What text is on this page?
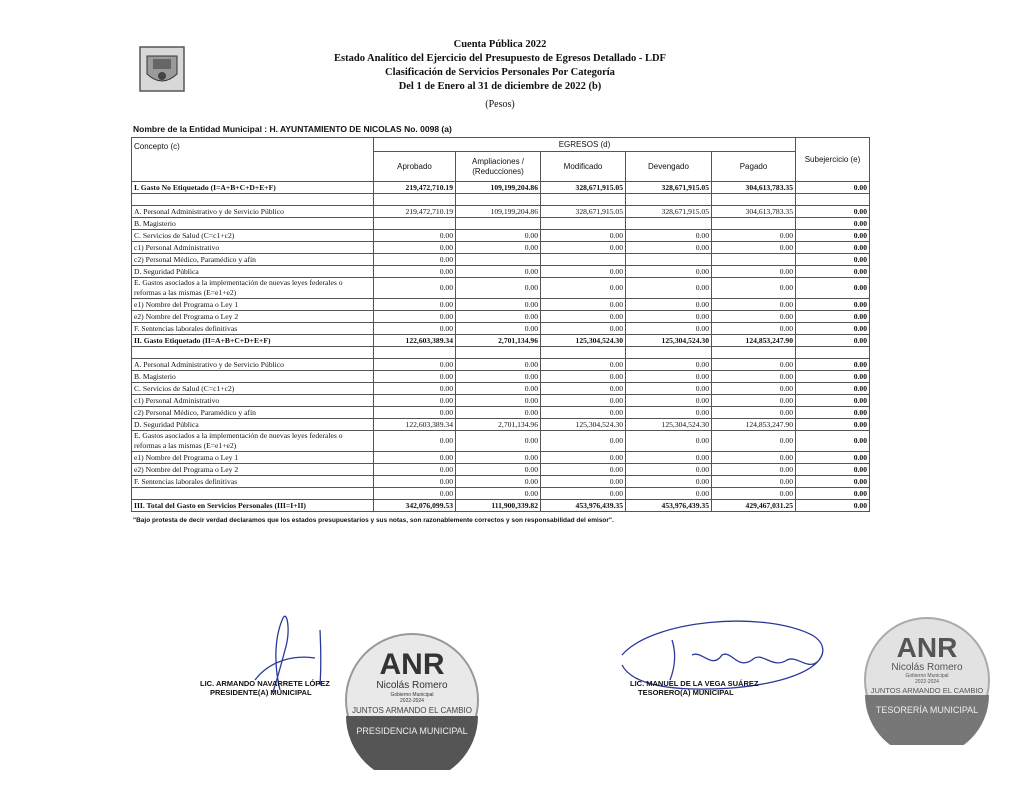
Cuenta Pública 2022
Estado Analítico del Ejercicio del Presupuesto de Egresos Detallado - LDF
Clasificación de Servicios Personales Por Categoría
Del 1 de Enero al 31 de diciembre de 2022 (b)
(Pesos)
Nombre de la Entidad Municipal : H. AYUNTAMIENTO DE NICOLAS No. 0098 (a)
Concepto (c)	EGRESOS (d)					Subejercicio (e)
	Aprobado	Ampliaciones / (Reducciones)	Modificado	Devengado	Pagado	
I. Gasto No Etiquetado (I=A+B+C+D+E+F)	219,472,710.19	109,199,204.86	328,671,915.05	328,671,915.05	304,613,783.35	0.00

A. Personal Administrativo y de Servicio Público	219,472,710.19	109,199,204.86	328,671,915.05	328,671,915.05	304,613,783.35	0.00
B. Magisterio						0.00
C. Servicios de Salud (C=c1+c2)	0.00	0.00	0.00	0.00	0.00	0.00
c1) Personal Administrativo	0.00	0.00	0.00	0.00	0.00	0.00
c2) Personal Médico, Paramédico y afín	0.00					0.00
D. Seguridad Pública	0.00	0.00	0.00	0.00	0.00	0.00
E. Gastos asociados a la implementación de nuevas leyes federales o reformas a las mismas (E=e1+e2)	0.00	0.00	0.00	0.00	0.00	0.00
e1) Nombre del Programa o Ley 1	0.00	0.00	0.00	0.00	0.00	0.00
e2) Nombre del Programa o Ley 2	0.00	0.00	0.00	0.00	0.00	0.00
F. Sentencias laborales definitivas	0.00	0.00	0.00	0.00	0.00	0.00
II. Gasto Etiquetado (II=A+B+C+D+E+F)	122,603,389.34	2,701,134.96	125,304,524.30	125,304,524.30	124,853,247.90	0.00

A. Personal Administrativo y de Servicio Público	0.00	0.00	0.00	0.00	0.00	0.00
B. Magisterio	0.00	0.00	0.00	0.00	0.00	0.00
C. Servicios de Salud (C=c1+c2)	0.00	0.00	0.00	0.00	0.00	0.00
c1) Personal Administrativo	0.00	0.00	0.00	0.00	0.00	0.00
c2) Personal Médico, Paramédico y afín	0.00	0.00	0.00	0.00	0.00	0.00
D. Seguridad Pública	122,603,389.34	2,701,134.96	125,304,524.30	125,304,524.30	124,853,247.90	0.00
E. Gastos asociados a la implementación de nuevas leyes federales o reformas a las mismas (E=e1+e2)	0.00	0.00	0.00	0.00	0.00	0.00
e1) Nombre del Programa o Ley 1	0.00	0.00	0.00	0.00	0.00	0.00
e2) Nombre del Programa o Ley 2	0.00	0.00	0.00	0.00	0.00	0.00
F. Sentencias laborales definitivas	0.00	0.00	0.00	0.00	0.00	0.00
	0.00	0.00	0.00	0.00	0.00	0.00
III. Total del Gasto en Servicios Personales (III=I+II)	342,076,099.53	111,900,339.82	453,976,439.35	453,976,439.35	429,467,031.25	0.00
"Bajo protesta de decir verdad declaramos que los estados presupuestarios y sus notas, son razonablemente correctos y son responsabilidad del emisor".
LIC. ARMANDO NAVARRETE LÓPEZ
PRESIDENTE(A) MUNICIPAL
LIC. MANUEL DE LA VEGA SUÁREZ
TESORERO(A) MUNICIPAL
ANR
Nicolás Romero
Gobierno Municipal
2022-2024
JUNTOS ARMANDO EL CAMBIO
PRESIDENCIA MUNICIPAL
ANR
Nicolás Romero
Gobierno Municipal
2022-2024
JUNTOS ARMANDO EL CAMBIO
TESORERÍA MUNICIPAL
